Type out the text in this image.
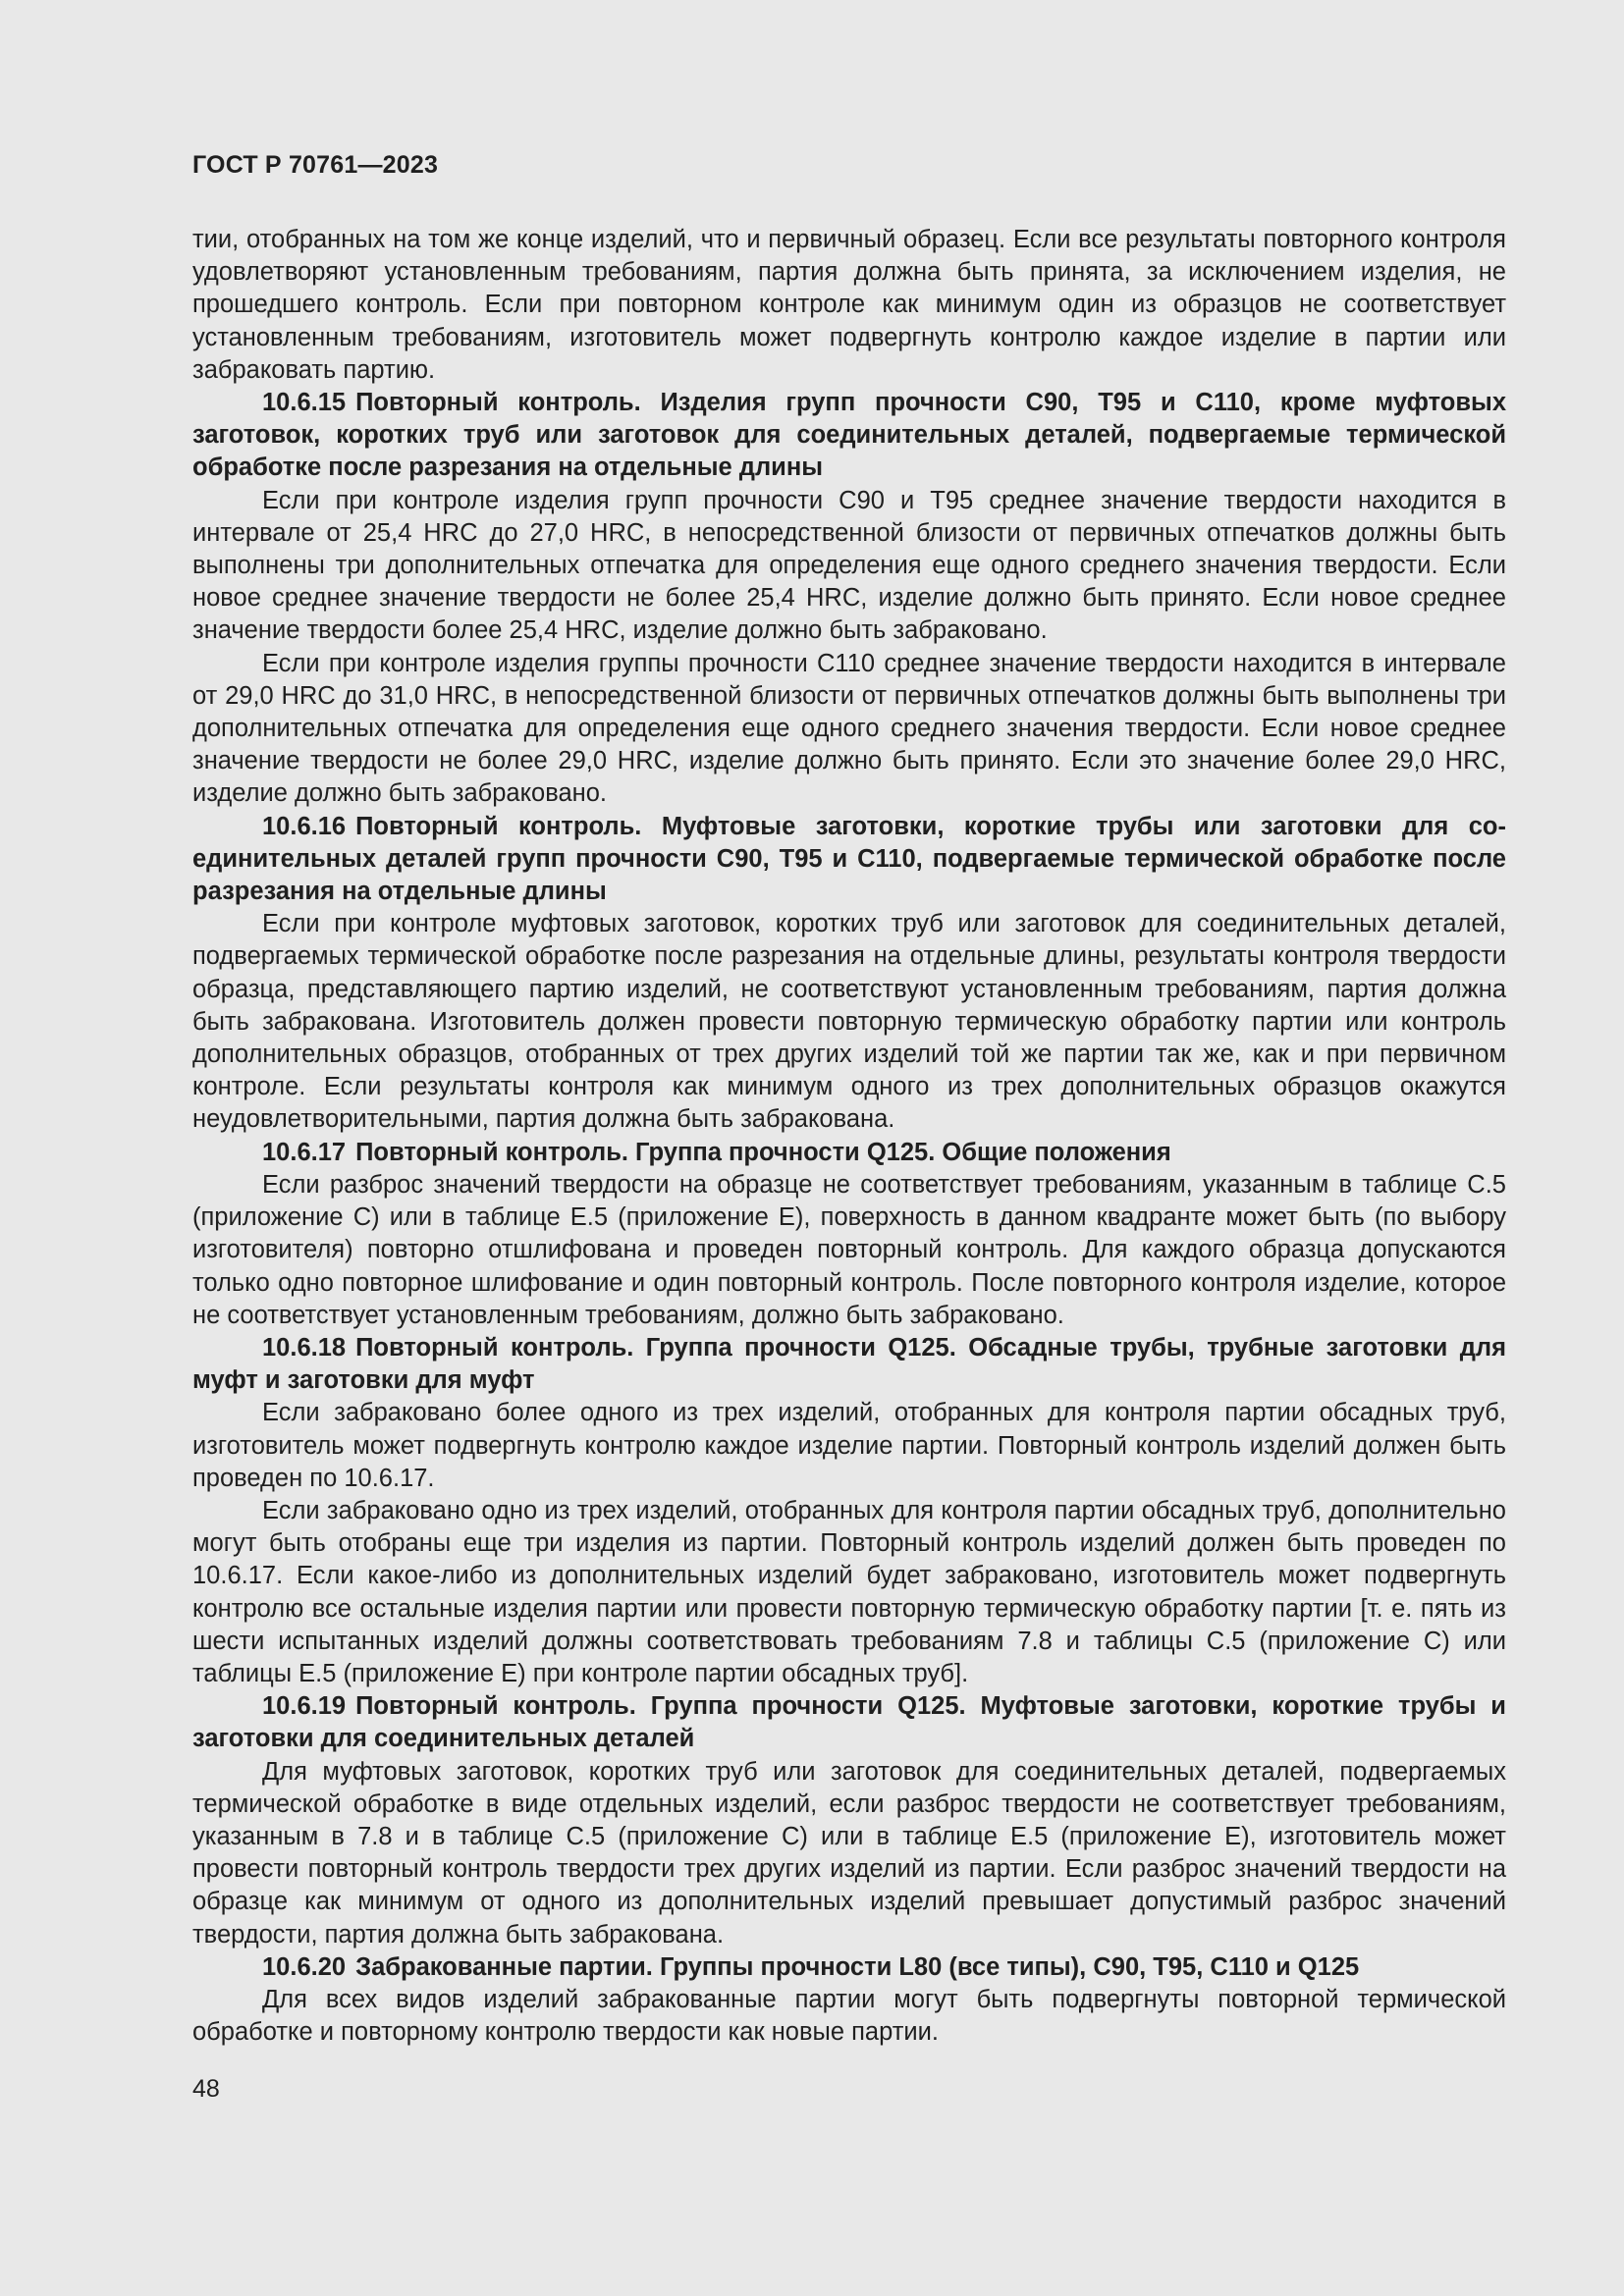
ГОСТ Р 70761—2023

тии, отобранных на том же конце изделий, что и первичный образец. Если все результаты повторного контроля удовлетворяют установленным требованиям, партия должна быть принята, за исключением изделия, не прошедшего контроль. Если при повторном контроле как минимум один из образцов не соответствует установленным требованиям, изготовитель может подвергнуть контролю каждое изделие в партии или забраковать партию.

10.6.15 Повторный контроль. Изделия групп прочности С90, Т95 и С110, кроме муфтовых заготовок, коротких труб или заготовок для соединительных деталей, подвергаемые термической обработке после разрезания на отдельные длины

Если при контроле изделия групп прочности С90 и Т95 среднее значение твердости находится в интервале от 25,4 HRC до 27,0 HRC, в непосредственной близости от первичных отпечатков должны быть выполнены три дополнительных отпечатка для определения еще одного среднего значения твердости. Если новое среднее значение твердости не более 25,4 HRC, изделие должно быть принято. Если новое среднее значение твердости более 25,4 HRC, изделие должно быть забраковано.

Если при контроле изделия группы прочности С110 среднее значение твердости находится в интервале от 29,0 HRC до 31,0 HRC, в непосредственной близости от первичных отпечатков должны быть выполнены три дополнительных отпечатка для определения еще одного среднего значения твердости. Если новое среднее значение твердости не более 29,0 HRC, изделие должно быть принято. Если это значение более 29,0 HRC, изделие должно быть забраковано.

10.6.16 Повторный контроль. Муфтовые заготовки, короткие трубы или заготовки для соединительных деталей групп прочности С90, Т95 и С110, подвергаемые термической обработке после разрезания на отдельные длины

Если при контроле муфтовых заготовок, коротких труб или заготовок для соединительных деталей, подвергаемых термической обработке после разрезания на отдельные длины, результаты контроля твердости образца, представляющего партию изделий, не соответствуют установленным требованиям, партия должна быть забракована. Изготовитель должен провести повторную термическую обработку партии или контроль дополнительных образцов, отобранных от трех других изделий той же партии так же, как и при первичном контроле. Если результаты контроля как минимум одного из трех дополнительных образцов окажутся неудовлетворительными, партия должна быть забракована.

10.6.17 Повторный контроль. Группа прочности Q125. Общие положения

Если разброс значений твердости на образце не соответствует требованиям, указанным в таблице С.5 (приложение С) или в таблице Е.5 (приложение Е), поверхность в данном квадранте может быть (по выбору изготовителя) повторно отшлифована и проведен повторный контроль. Для каждого образца допускаются только одно повторное шлифование и один повторный контроль. После повторного контроля изделие, которое не соответствует установленным требованиям, должно быть забраковано.

10.6.18 Повторный контроль. Группа прочности Q125. Обсадные трубы, трубные заготовки для муфт и заготовки для муфт

Если забраковано более одного из трех изделий, отобранных для контроля партии обсадных труб, изготовитель может подвергнуть контролю каждое изделие партии. Повторный контроль изделий должен быть проведен по 10.6.17.

Если забраковано одно из трех изделий, отобранных для контроля партии обсадных труб, дополнительно могут быть отобраны еще три изделия из партии. Повторный контроль изделий должен быть проведен по 10.6.17. Если какое-либо из дополнительных изделий будет забраковано, изготовитель может подвергнуть контролю все остальные изделия партии или провести повторную термическую обработку партии [т. е. пять из шести испытанных изделий должны соответствовать требованиям 7.8 и таблицы С.5 (приложение С) или таблицы Е.5 (приложение Е) при контроле партии обсадных труб].

10.6.19 Повторный контроль. Группа прочности Q125. Муфтовые заготовки, короткие трубы и заготовки для соединительных деталей

Для муфтовых заготовок, коротких труб или заготовок для соединительных деталей, подвергаемых термической обработке в виде отдельных изделий, если разброс твердости не соответствует требованиям, указанным в 7.8 и в таблице С.5 (приложение С) или в таблице Е.5 (приложение Е), изготовитель может провести повторный контроль твердости трех других изделий из партии. Если разброс значений твердости на образце как минимум от одного из дополнительных изделий превышает допустимый разброс значений твердости, партия должна быть забракована.

10.6.20 Забракованные партии. Группы прочности L80 (все типы), С90, Т95, С110 и Q125

Для всех видов изделий забракованные партии могут быть подвергнуты повторной термической обработке и повторному контролю твердости как новые партии.

48
